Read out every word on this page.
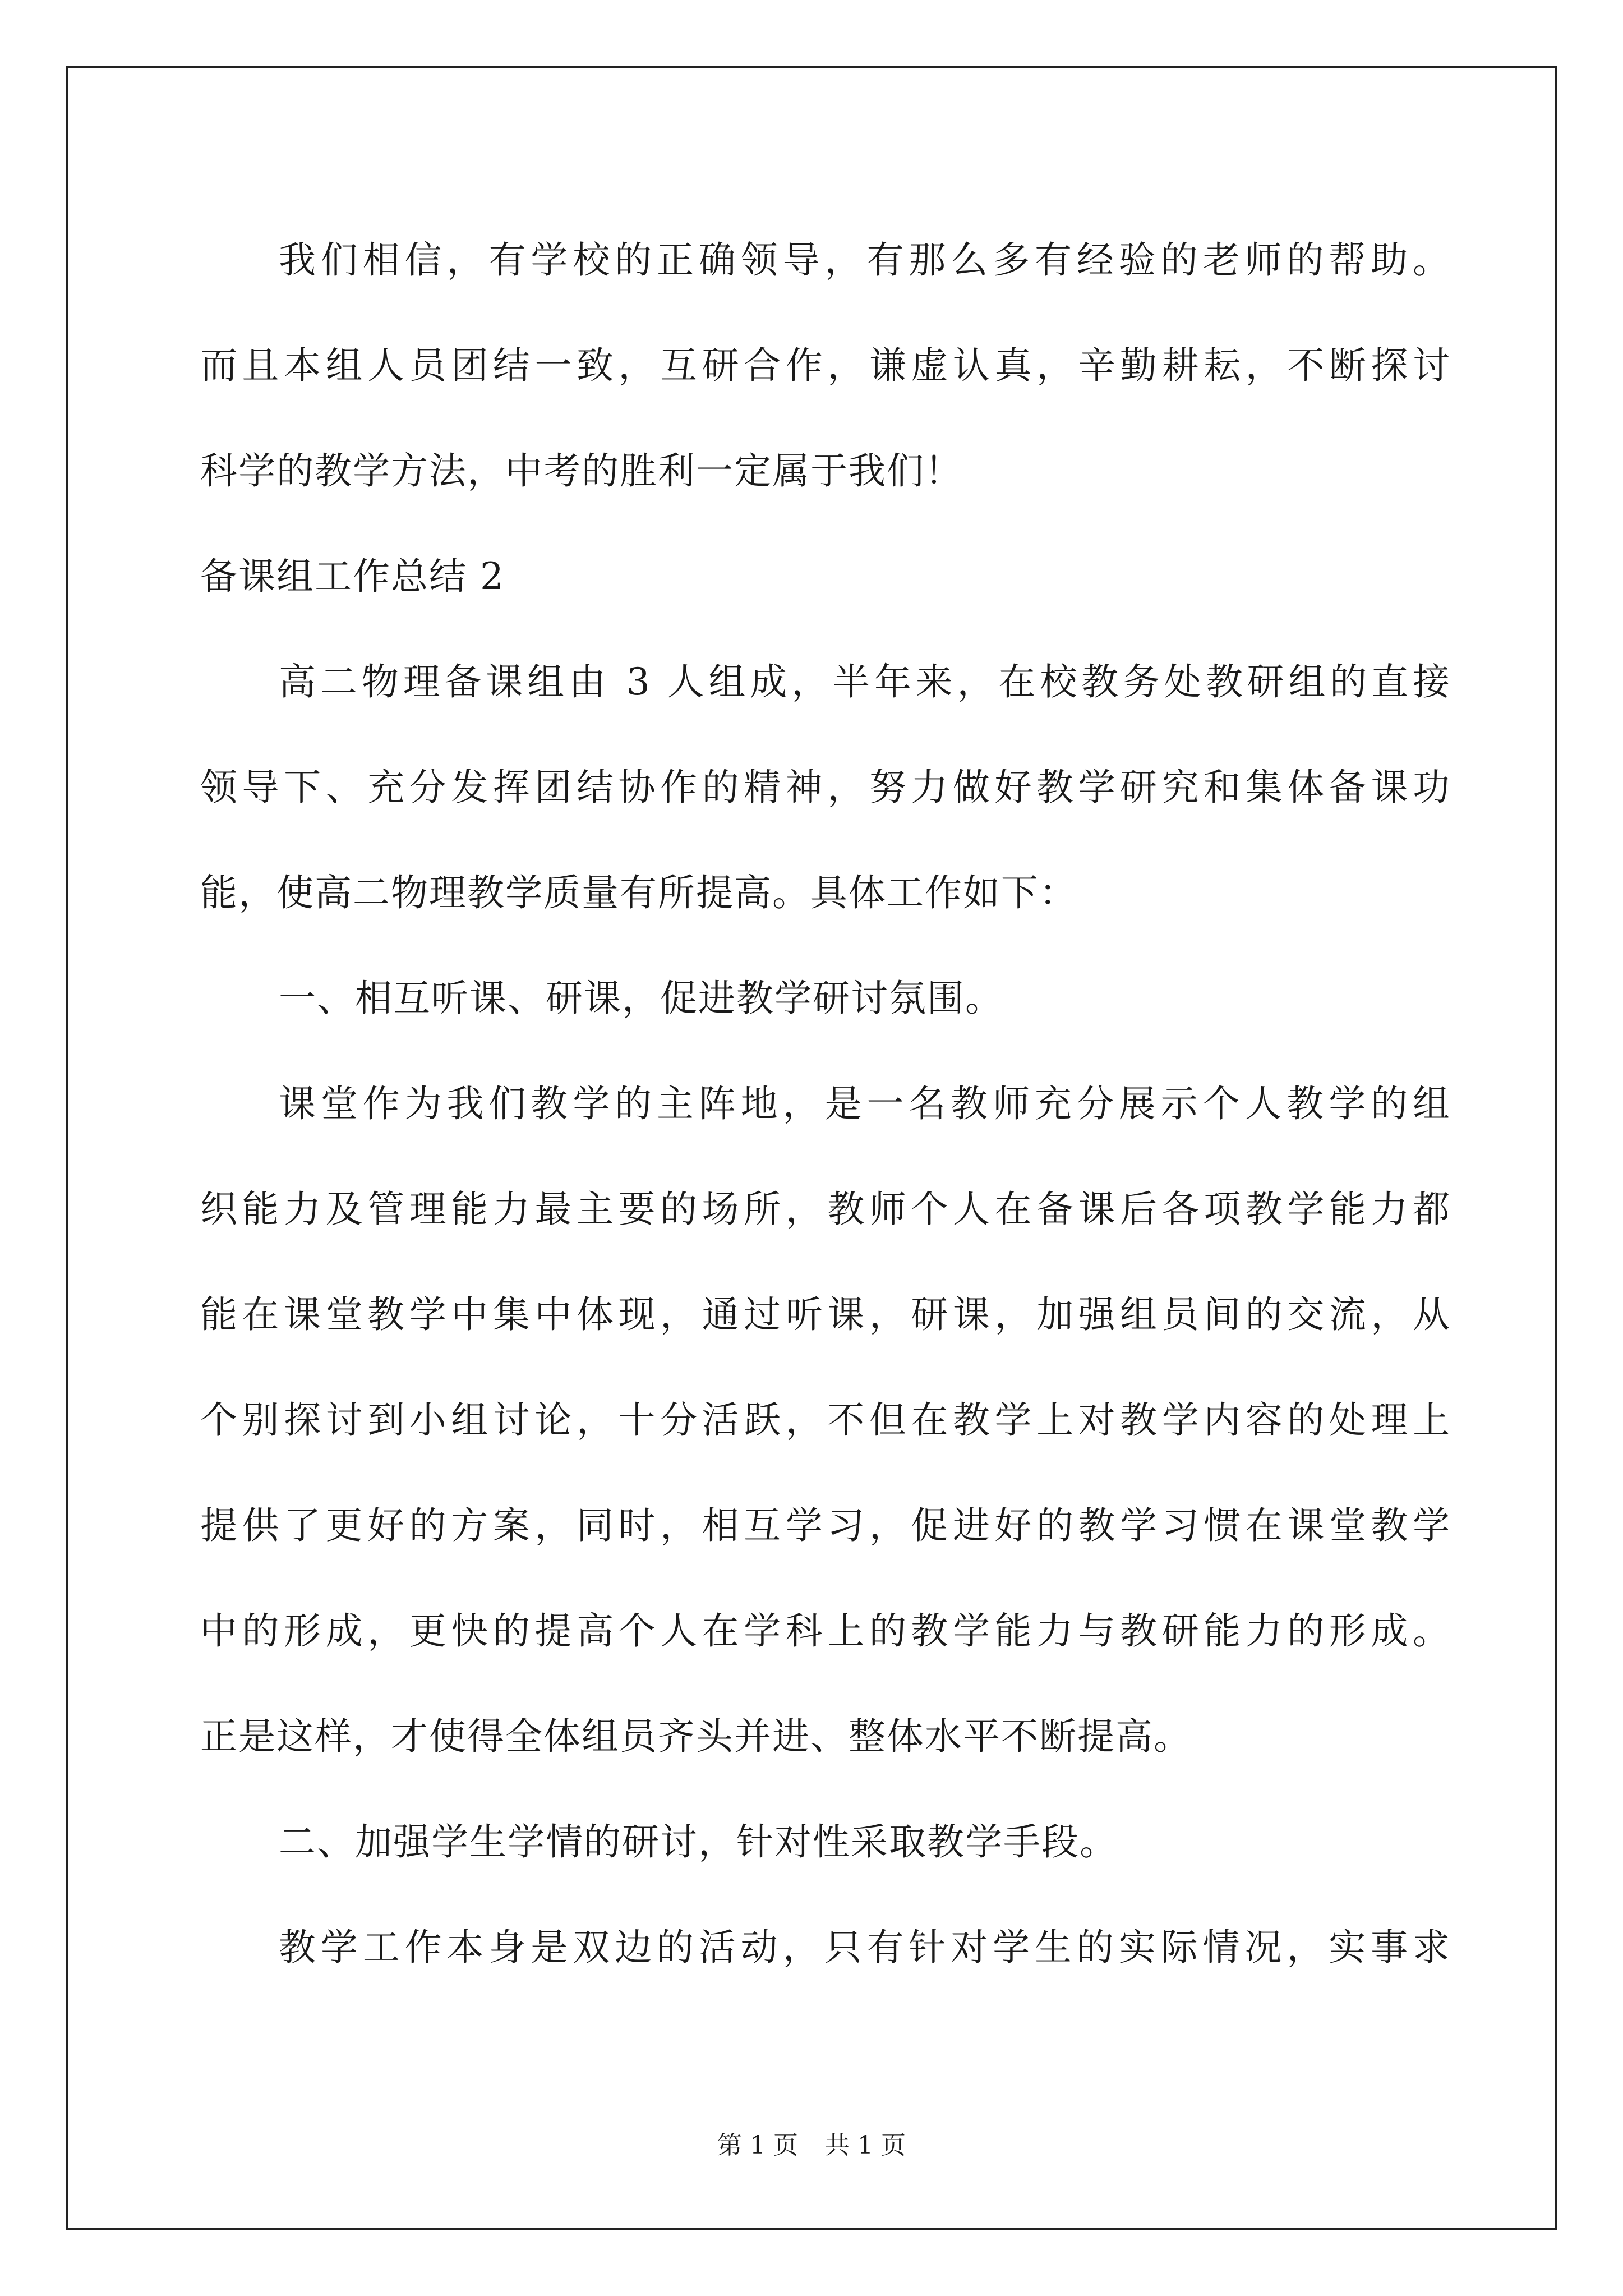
我们相信，有学校的正确领导，有那么多有经验的老师的帮助。
而且本组人员团结一致，互研合作，谦虚认真，辛勤耕耘，不断探讨
科学的教学方法，中考的胜利一定属于我们！
备课组工作总结 2
高二物理备课组由 3 人组成，半年来，在校教务处教研组的直接
领导下、充分发挥团结协作的精神，努力做好教学研究和集体备课功
能，使高二物理教学质量有所提高。具体工作如下：
一、相互听课、研课，促进教学研讨氛围。
课堂作为我们教学的主阵地，是一名教师充分展示个人教学的组
织能力及管理能力最主要的场所，教师个人在备课后各项教学能力都
能在课堂教学中集中体现，通过听课，研课，加强组员间的交流，从
个别探讨到小组讨论，十分活跃，不但在教学上对教学内容的处理上
提供了更好的方案，同时，相互学习，促进好的教学习惯在课堂教学
中的形成，更快的提高个人在学科上的教学能力与教研能力的形成。
正是这样，才使得全体组员齐头并进、整体水平不断提高。
二、加强学生学情的研讨，针对性采取教学手段。
教学工作本身是双边的活动，只有针对学生的实际情况，实事求
第 1 页 共 1 页
